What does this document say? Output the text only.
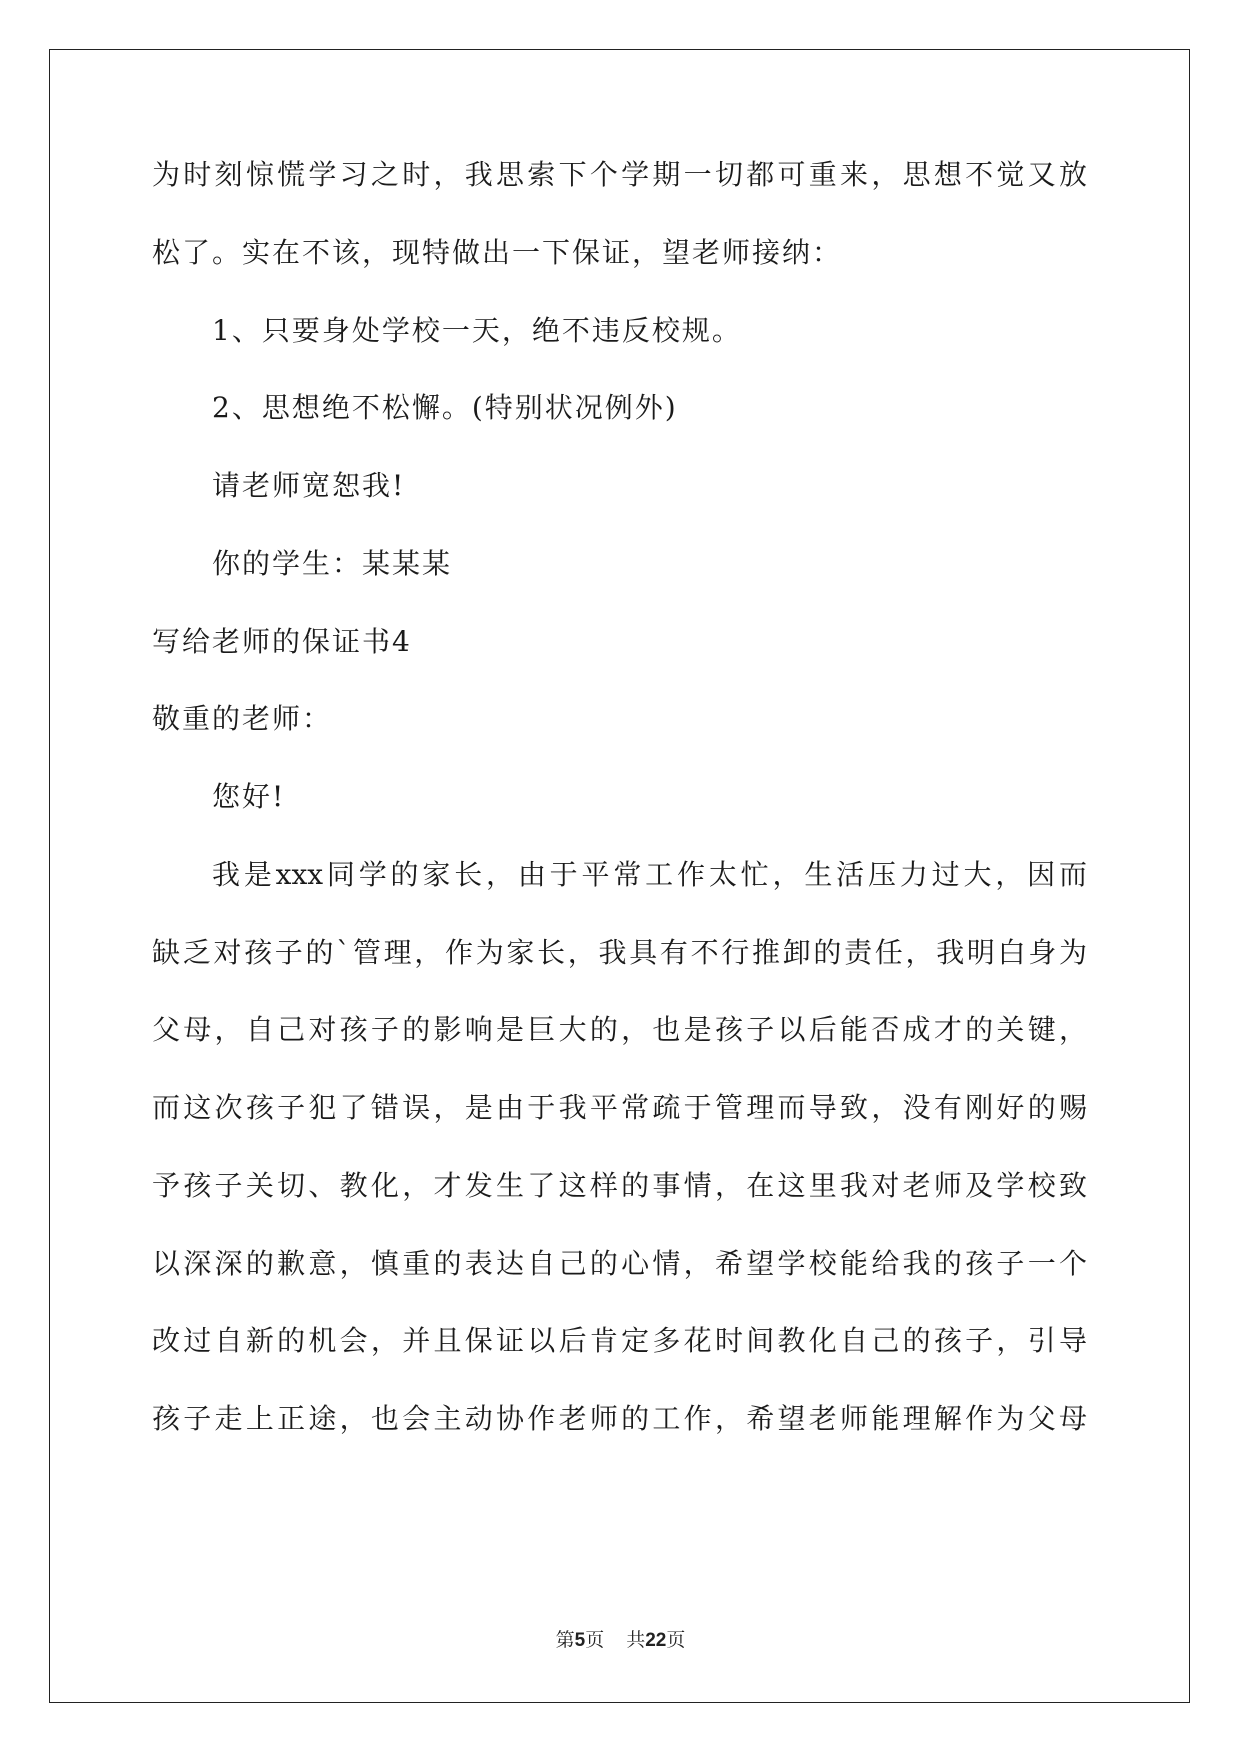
为时刻惊慌学习之时，我思索下个学期一切都可重来，思想不觉又放
松了。实在不该，现特做出一下保证，望老师接纳：
1、只要身处学校一天，绝不违反校规。
2、思想绝不松懈。(特别状况例外)
请老师宽恕我!
你的学生：某某某
写给老师的保证书4
敬重的老师：
您好!
我是xxx同学的家长，由于平常工作太忙，生活压力过大，因而
缺乏对孩子的`管理，作为家长，我具有不行推卸的责任，我明白身为
父母，自己对孩子的影响是巨大的，也是孩子以后能否成才的关键，
而这次孩子犯了错误，是由于我平常疏于管理而导致，没有刚好的赐
予孩子关切、教化，才发生了这样的事情，在这里我对老师及学校致
以深深的歉意，慎重的表达自己的心情，希望学校能给我的孩子一个
改过自新的机会，并且保证以后肯定多花时间教化自己的孩子，引导
孩子走上正途，也会主动协作老师的工作，希望老师能理解作为父母
第5页 共22页
